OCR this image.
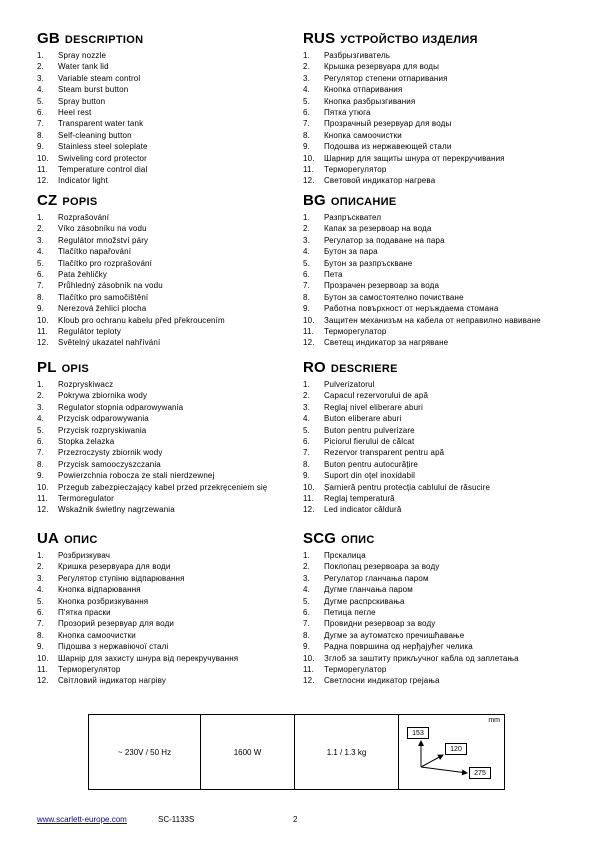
GB DESCRIPTION
1. Spray nozzle
2. Water tank lid
3. Variable steam control
4. Steam burst button
5. Spray button
6. Heel rest
7. Transparent water tank
8. Self-cleaning button
9. Stainless steel soleplate
10. Swiveling cord protector
11. Temperature control dial
12. Indicator light
CZ POPIS
1. Rozprašování
2. Víko zásobníku na vodu
3. Regulátor množství páry
4. Tlačítko napařování
5. Tlačítko pro rozprašování
6. Pata žehličky
7. Průhledný zásobník na vodu
8. Tlačítko pro samočištění
9. Nerezová žehlicí plocha
10. Kloub pro ochranu kabelu před překroucením
11. Regulátor teploty
12. Světelný ukazatel nahřívání
PL OPIS
1. Rozpryskiwacz
2. Pokrywa zbiornika wody
3. Regulator stopnia odparowywania
4. Przycisk odparowywania
5. Przycisk rozpryskiwania
6. Stopka żelazka
7. Przezroczysty zbiornik wody
8. Przycisk samooczyszczania
9. Powierzchnia robocza ze stali nierdzewnej
10. Przegub zabezpieczający kabel przed przekręceniem się
11. Termoregulator
12. Wskaźnik świetlny nagrzewania
UA ОПИС
1. Розбризкувач
2. Кришка резервуара для води
3. Регулятор ступіню відпарювання
4. Кнопка відпарювання
5. Кнопка розбризкування
6. П'ятка праски
7. Прозорий резервуар для води
8. Кнопка самоочистки
9. Підошва з нержавіючої сталі
10. Шарнір для захисту шнура від перекручування
11. Терморегулятор
12. Світловий індикатор нагріву
RUS УСТРОЙСТВО ИЗДЕЛИЯ
1. Разбрызгиватель
2. Крышка резервуара для воды
3. Регулятор степени отпаривания
4. Кнопка отпаривания
5. Кнопка разбрызгивания
6. Пятка утюга
7. Прозрачный резервуар для воды
8. Кнопка самоочистки
9. Подошва из нержавеющей стали
10. Шарнир для защиты шнура от перекручивания
11. Терморегулятор
12. Световой индикатор нагрева
BG ОПИСАНИЕ
1. Разпръсквател
2. Капак за резервоар на вода
3. Регулатор за подаване на пара
4. Бутон за пара
5. Бутон за разпръскване
6. Пета
7. Прозрачен резервоар за вода
8. Бутон за самостоятелно почистване
9. Работна повърхност от неръждаема стомана
10. Защитен механизъм на кабела от непрaвилно навиване
11. Терморегулатор
12. Светещ индикатор за нагряване
RO DESCRIERE
1. Pulverizatorul
2. Capacul rezervorului de apă
3. Reglaj nivel eliberare aburi
4. Buton eliberare aburi
5. Buton pentru pulverizare
6. Piciorul fierului de călcat
7. Rezervor transparent pentru apă
8. Buton pentru autocurățire
9. Suport din oțel inoxidabil
10. Șarnieră pentru protecția cablului de răsucire
11. Reglaj temperatură
12. Led indicator căldură
SCG ОПИС
1. Прскалица
2. Поклопац резервоара за воду
3. Регулатор гланчања паром
4. Дугме гланчања паром
5. Дугме распрскивања
6. Петица пегле
7. Провидни резервоар за воду
8. Дугме за аутоматско пречишћавање
9. Радна површина од нерђајућег челика
10. Зглоб за заштиту прикључног кабла од заплетања
11. Терморегулатор
12. Светлосни индикатор грејања
~ 230V / 50 Hz	1600 W	1.1 / 1.3 kg
mm
153
120
275
www.scarlett-europe.com	SC-1133S	2
